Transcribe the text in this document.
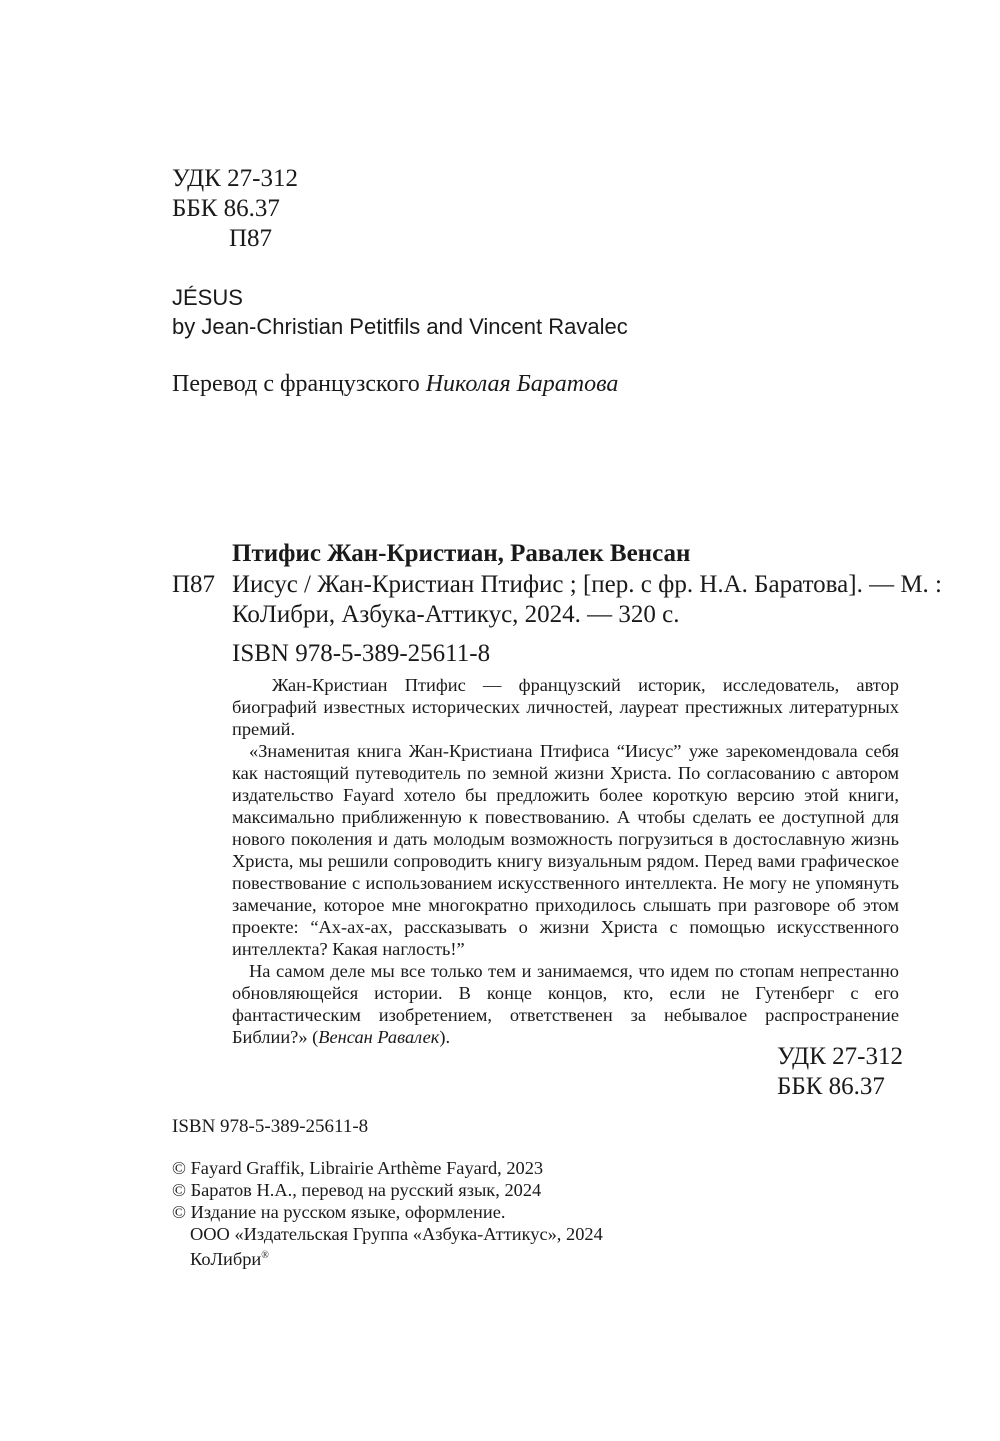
УДК 27-312
ББК 86.37
П87
JÉSUS
by Jean-Christian Petitfils and Vincent Ravalec
Перевод с французского Николая Баратова
Птифис Жан-Кристиан, Равалек Венсан
П87 Иисус / Жан-Кристиан Птифис ; [пер. с фр. Н.А. Баратова]. — М. :
КоЛибри, Азбука-Аттикус, 2024. — 320 с.
ISBN 978-5-389-25611-8

Жан-Кристиан Птифис — французский историк, исследователь, автор биографий известных исторических личностей, лауреат престижных литературных премий.

«Знаменитая книга Жан-Кристиана Птифиса “Иисус” уже зарекомендовала себя как настоящий путеводитель по земной жизни Христа. По согласованию с автором издательство Fayard хотело бы предложить более короткую версию этой книги, максимально приближенную к повествованию. А чтобы сделать ее доступной для нового поколения и дать молодым возможность погрузиться в достославную жизнь Христа, мы решили сопроводить книгу визуальным рядом. Перед вами графическое повествование с использованием искусственного интеллекта. Не могу не упомянуть замечание, которое мне многократно приходилось слышать при разговоре об этом проекте: “Ах-ах-ах, рассказывать о жизни Христа с помощью искусственного интеллекта? Какая наглость!”

На самом деле мы все только тем и занимаемся, что идем по стопам непрестанно обновляющейся истории. В конце концов, кто, если не Гутенберг с его фантастическим изобретением, ответственен за небывалое распространение Библии?» (Венсан Равалек).

УДК 27-312
ББК 86.37
ISBN 978-5-389-25611-8
© Fayard Graffik, Librairie Arthème Fayard, 2023
© Баратов Н.А., перевод на русский язык, 2024
© Издание на русском языке, оформление.
ООО «Издательская Группа «Азбука-Аттикус», 2024
КоЛибри®
